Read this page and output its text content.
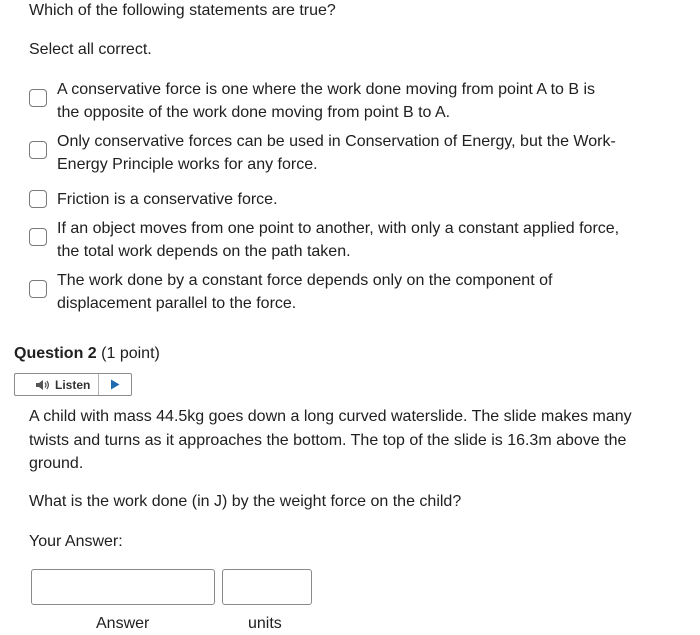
Which of the following statements are true?
Select all correct.
A conservative force is one where the work done moving from point A to B is
the opposite of the work done moving from point B to A.
Only conservative forces can be used in Conservation of Energy, but the Work-
Energy Principle works for any force.
Friction is a conservative force.
If an object moves from one point to another, with only a constant applied force,
the total work depends on the path taken.
The work done by a constant force depends only on the component of
displacement parallel to the force.
Question 2 (1 point)
Listen
A child with mass 44.5kg goes down a long curved waterslide. The slide makes many
twists and turns as it approaches the bottom. The top of the slide is 16.3m above the
ground.
What is the work done (in J) by the weight force on the child?
Your Answer:
Answer	units
